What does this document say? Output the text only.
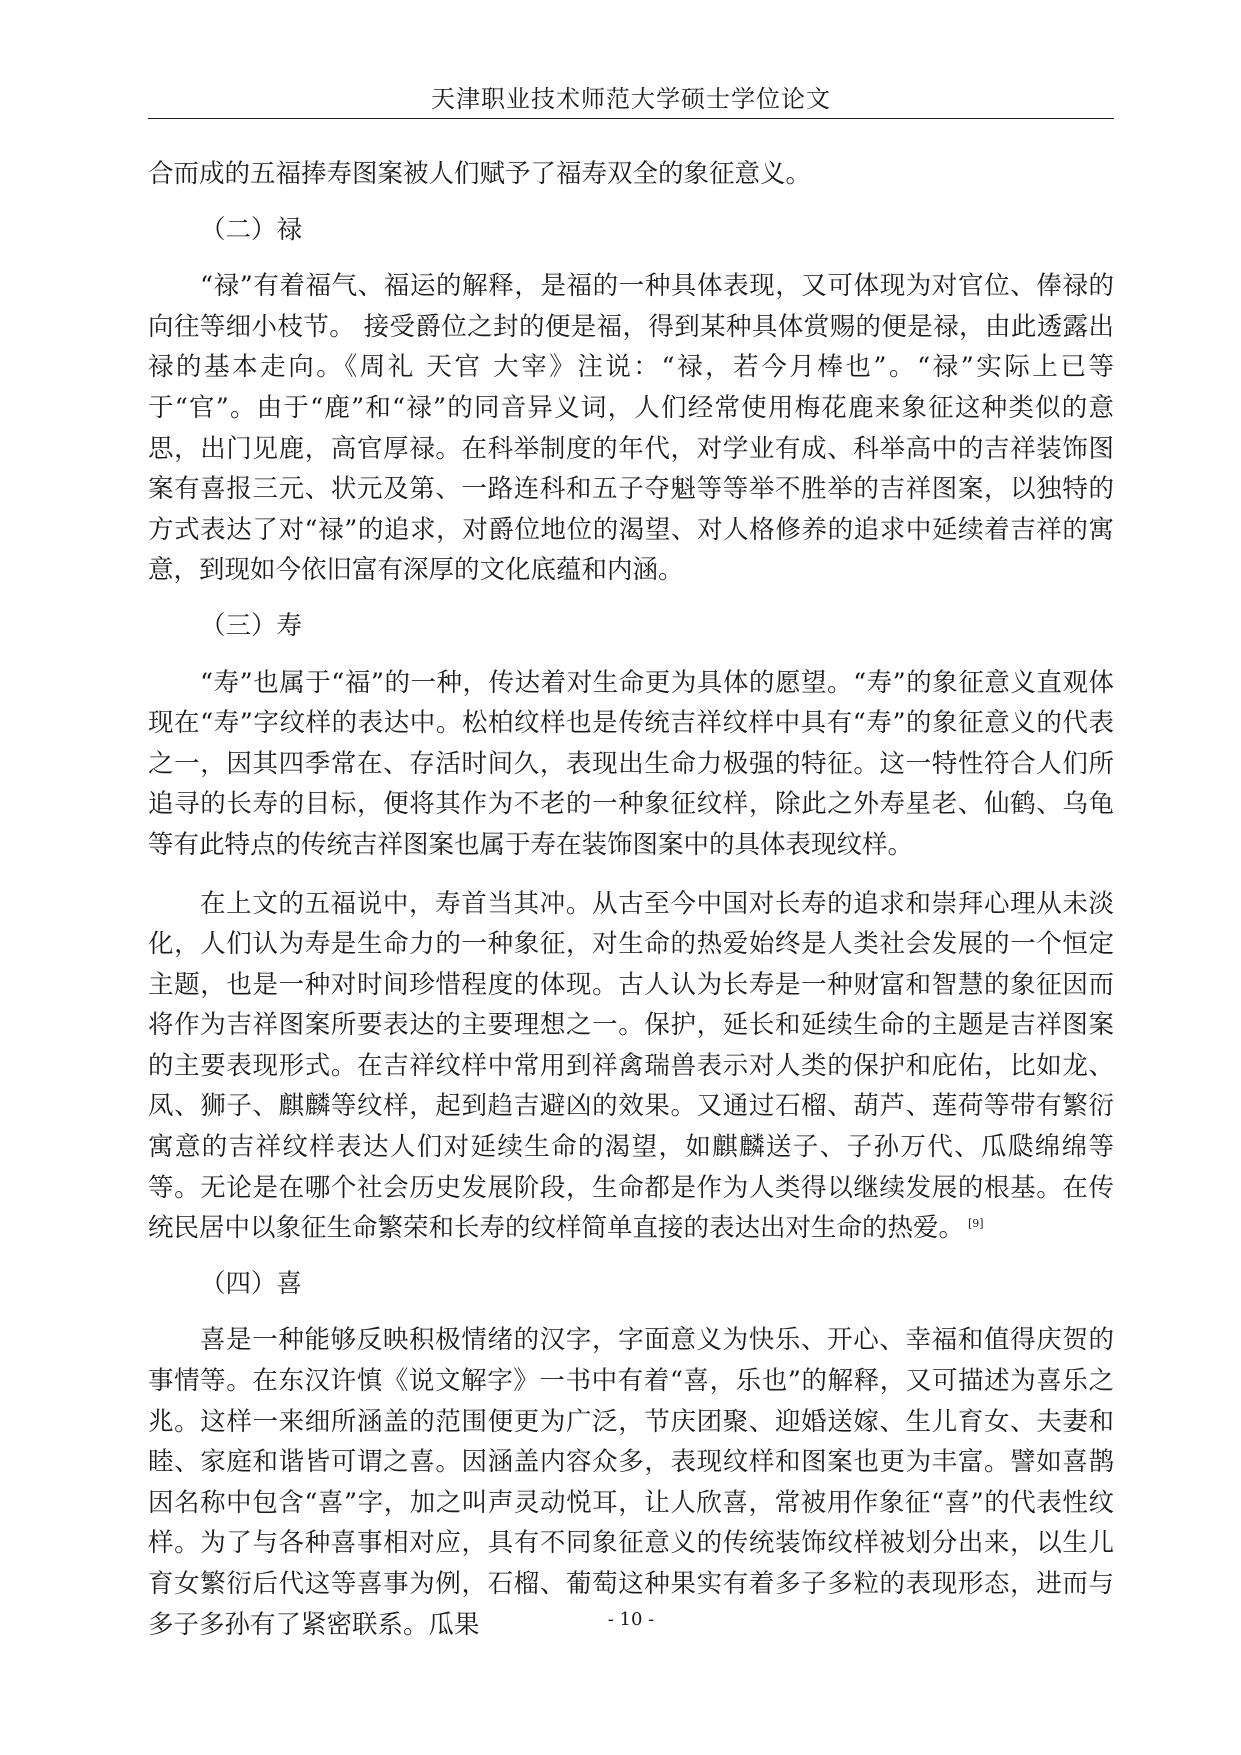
天津职业技术师范大学硕士学位论文

合而成的五福捧寿图案被人们赋予了福寿双全的象征意义。

（二）禄

“禄”有着福气、福运的解释，是福的一种具体表现，又可体现为对官位、俸禄的向往等细小枝节。 接受爵位之封的便是福，得到某种具体赏赐的便是禄，由此透露出禄的基本走向。《周礼 天官 大宰》注说：“禄，若今月棒也”。“禄”实际上已等于“官”。由于“鹿”和“禄”的同音异义词，人们经常使用梅花鹿来象征这种类似的意思，出门见鹿，高官厚禄。在科举制度的年代，对学业有成、科举高中的吉祥装饰图案有喜报三元、状元及第、一路连科和五子夺魁等等举不胜举的吉祥图案，以独特的方式表达了对“禄”的追求，对爵位地位的渴望、对人格修养的追求中延续着吉祥的寓意，到现如今依旧富有深厚的文化底蕴和内涵。

（三）寿

“寿”也属于“福”的一种，传达着对生命更为具体的愿望。“寿”的象征意义直观体现在“寿”字纹样的表达中。松柏纹样也是传统吉祥纹样中具有“寿”的象征意义的代表之一，因其四季常在、存活时间久，表现出生命力极强的特征。这一特性符合人们所追寻的长寿的目标，便将其作为不老的一种象征纹样，除此之外寿星老、仙鹤、乌龟等有此特点的传统吉祥图案也属于寿在装饰图案中的具体表现纹样。

在上文的五福说中，寿首当其冲。从古至今中国对长寿的追求和崇拜心理从未淡化，人们认为寿是生命力的一种象征，对生命的热爱始终是人类社会发展的一个恒定主题，也是一种对时间珍惜程度的体现。古人认为长寿是一种财富和智慧的象征因而将作为吉祥图案所要表达的主要理想之一。保护，延长和延续生命的主题是吉祥图案的主要表现形式。在吉祥纹样中常用到祥禽瑞兽表示对人类的保护和庇佑，比如龙、凤、狮子、麒麟等纹样，起到趋吉避凶的效果。又通过石榴、葫芦、莲荷等带有繁衍寓意的吉祥纹样表达人们对延续生命的渴望，如麒麟送子、子孙万代、瓜瓞绵绵等等。无论是在哪个社会历史发展阶段，生命都是作为人类得以继续发展的根基。在传统民居中以象征生命繁荣和长寿的纹样简单直接的表达出对生命的热爱。 [9]

（四）喜

喜是一种能够反映积极情绪的汉字，字面意义为快乐、开心、幸福和值得庆贺的事情等。在东汉许慎《说文解字》一书中有着“喜，乐也”的解释，又可描述为喜乐之兆。这样一来细所涵盖的范围便更为广泛，节庆团聚、迎婚送嫁、生儿育女、夫妻和睦、家庭和谐皆可谓之喜。因涵盖内容众多，表现纹样和图案也更为丰富。譬如喜鹊因名称中包含“喜”字，加之叫声灵动悦耳，让人欣喜，常被用作象征“喜”的代表性纹样。为了与各种喜事相对应，具有不同象征意义的传统装饰纹样被划分出来，以生儿育女繁衍后代这等喜事为例，石榴、葡萄这种果实有着多子多粒的表现形态，进而与多子多孙有了紧密联系。瓜果	- 10 -
